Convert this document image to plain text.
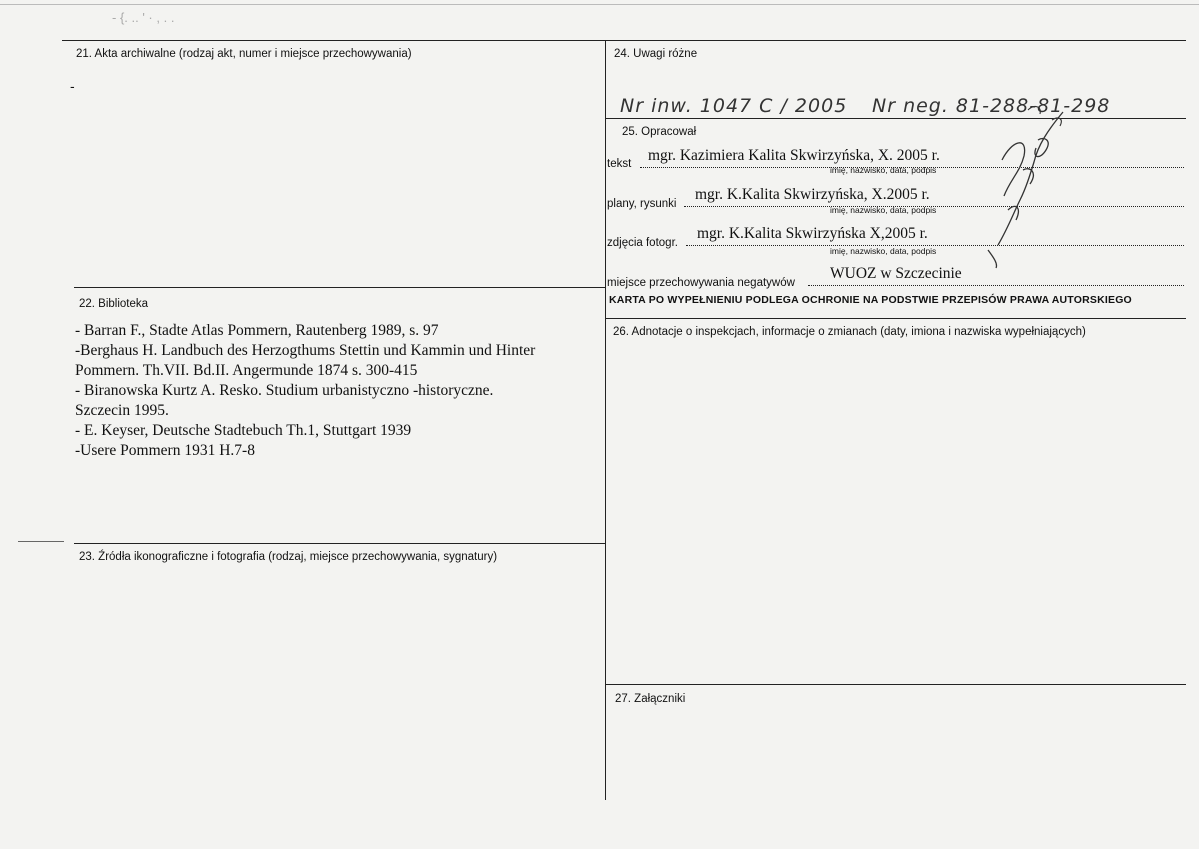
- {. .. ' · , . .
-
21. Akta archiwalne (rodzaj akt, numer i miejsce przechowywania)
22. Biblioteka
- Barran F., Stadte Atlas Pommern, Rautenberg 1989, s. 97
-Berghaus H. Landbuch des Herzogthums Stettin und Kammin und Hinter
Pommern. Th.VII. Bd.II. Angermunde 1874 s. 300-415
- Biranowska Kurtz A. Resko. Studium urbanistyczno -historyczne.
Szczecin 1995.
- E. Keyser, Deutsche Stadtebuch Th.1, Stuttgart 1939
-Usere Pommern 1931 H.7-8
23. Źródła ikonograficzne i fotografia (rodzaj, miejsce przechowywania, sygnatury)
24. Uwagi różne
Nr inw. 1047 C / 2005 Nr neg. 81-288-81-298
25. Opracował
tekst mgr. Kazimiera Kalita Skwirzyńska, X. 2005 r.
imię, nazwisko, data, podpis
plany, rysunki
mgr. K.Kalita Skwirzyńska, X.2005 r.
imię, nazwisko, data, podpis
zdjęcia fotogr.
mgr. K.Kalita Skwirzyńska X,2005 r.
imię, nazwisko, data, podpis
miejsce przechowywania negatywów
WUOZ w Szczecinie
KARTA PO WYPEŁNIENIU PODLEGA OCHRONIE NA PODSTWIE PRZEPISÓW PRAWA AUTORSKIEGO
26. Adnotacje o inspekcjach, informacje o zmianach (daty, imiona i nazwiska wypełniających)
27. Załączniki
